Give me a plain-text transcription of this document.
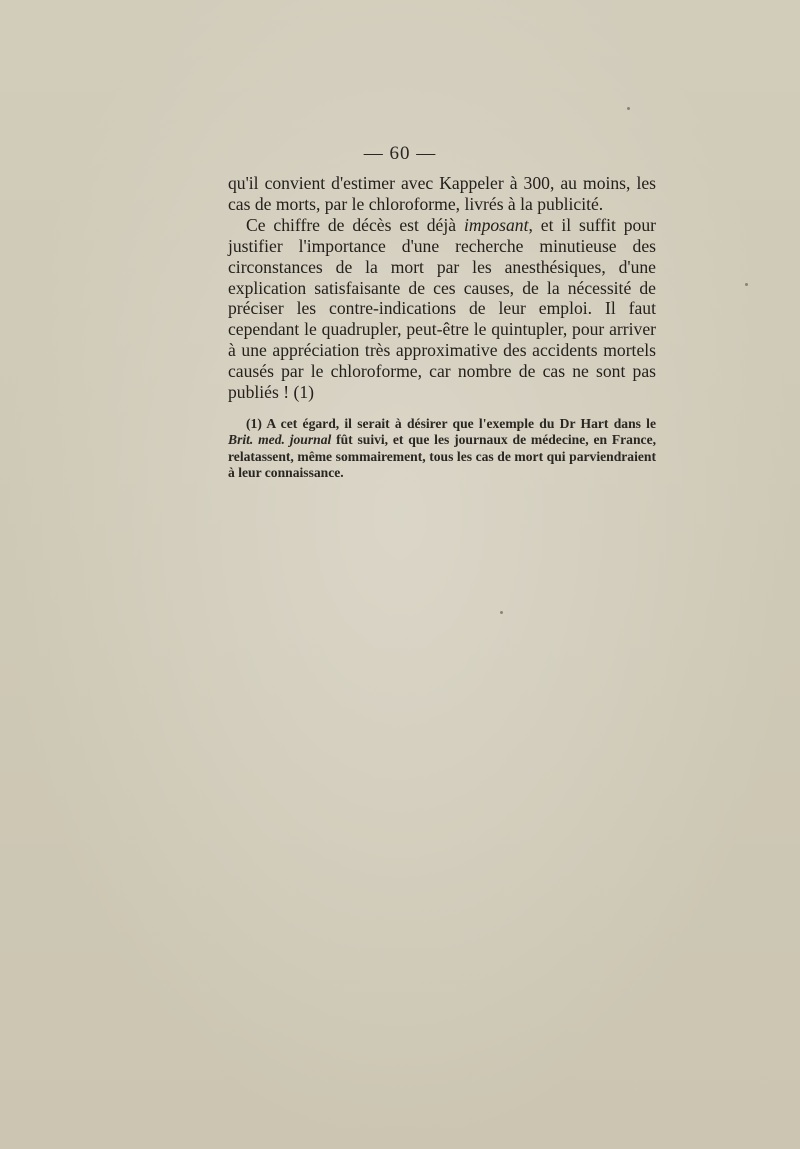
— 60 —

qu'il convient d'estimer avec Kappeler à 300, au moins, les cas de morts, par le chloroforme, livrés à la publicité.

Ce chiffre de décès est déjà imposant, et il suffit pour justifier l'importance d'une recherche minutieuse des circonstances de la mort par les anesthésiques, d'une explication satisfaisante de ces causes, de la nécessité de préciser les contre-indications de leur emploi. Il faut cependant le quadrupler, peut-être le quintupler, pour arriver à une appréciation très approximative des accidents mortels causés par le chloroforme, car nombre de cas ne sont pas publiés ! (1)

(1) A cet égard, il serait à désirer que l'exemple du Dr Hart dans le Brit. med. journal fût suivi, et que les journaux de médecine, en France, relatassent, même sommairement, tous les cas de mort qui parviendraient à leur connaissance.
